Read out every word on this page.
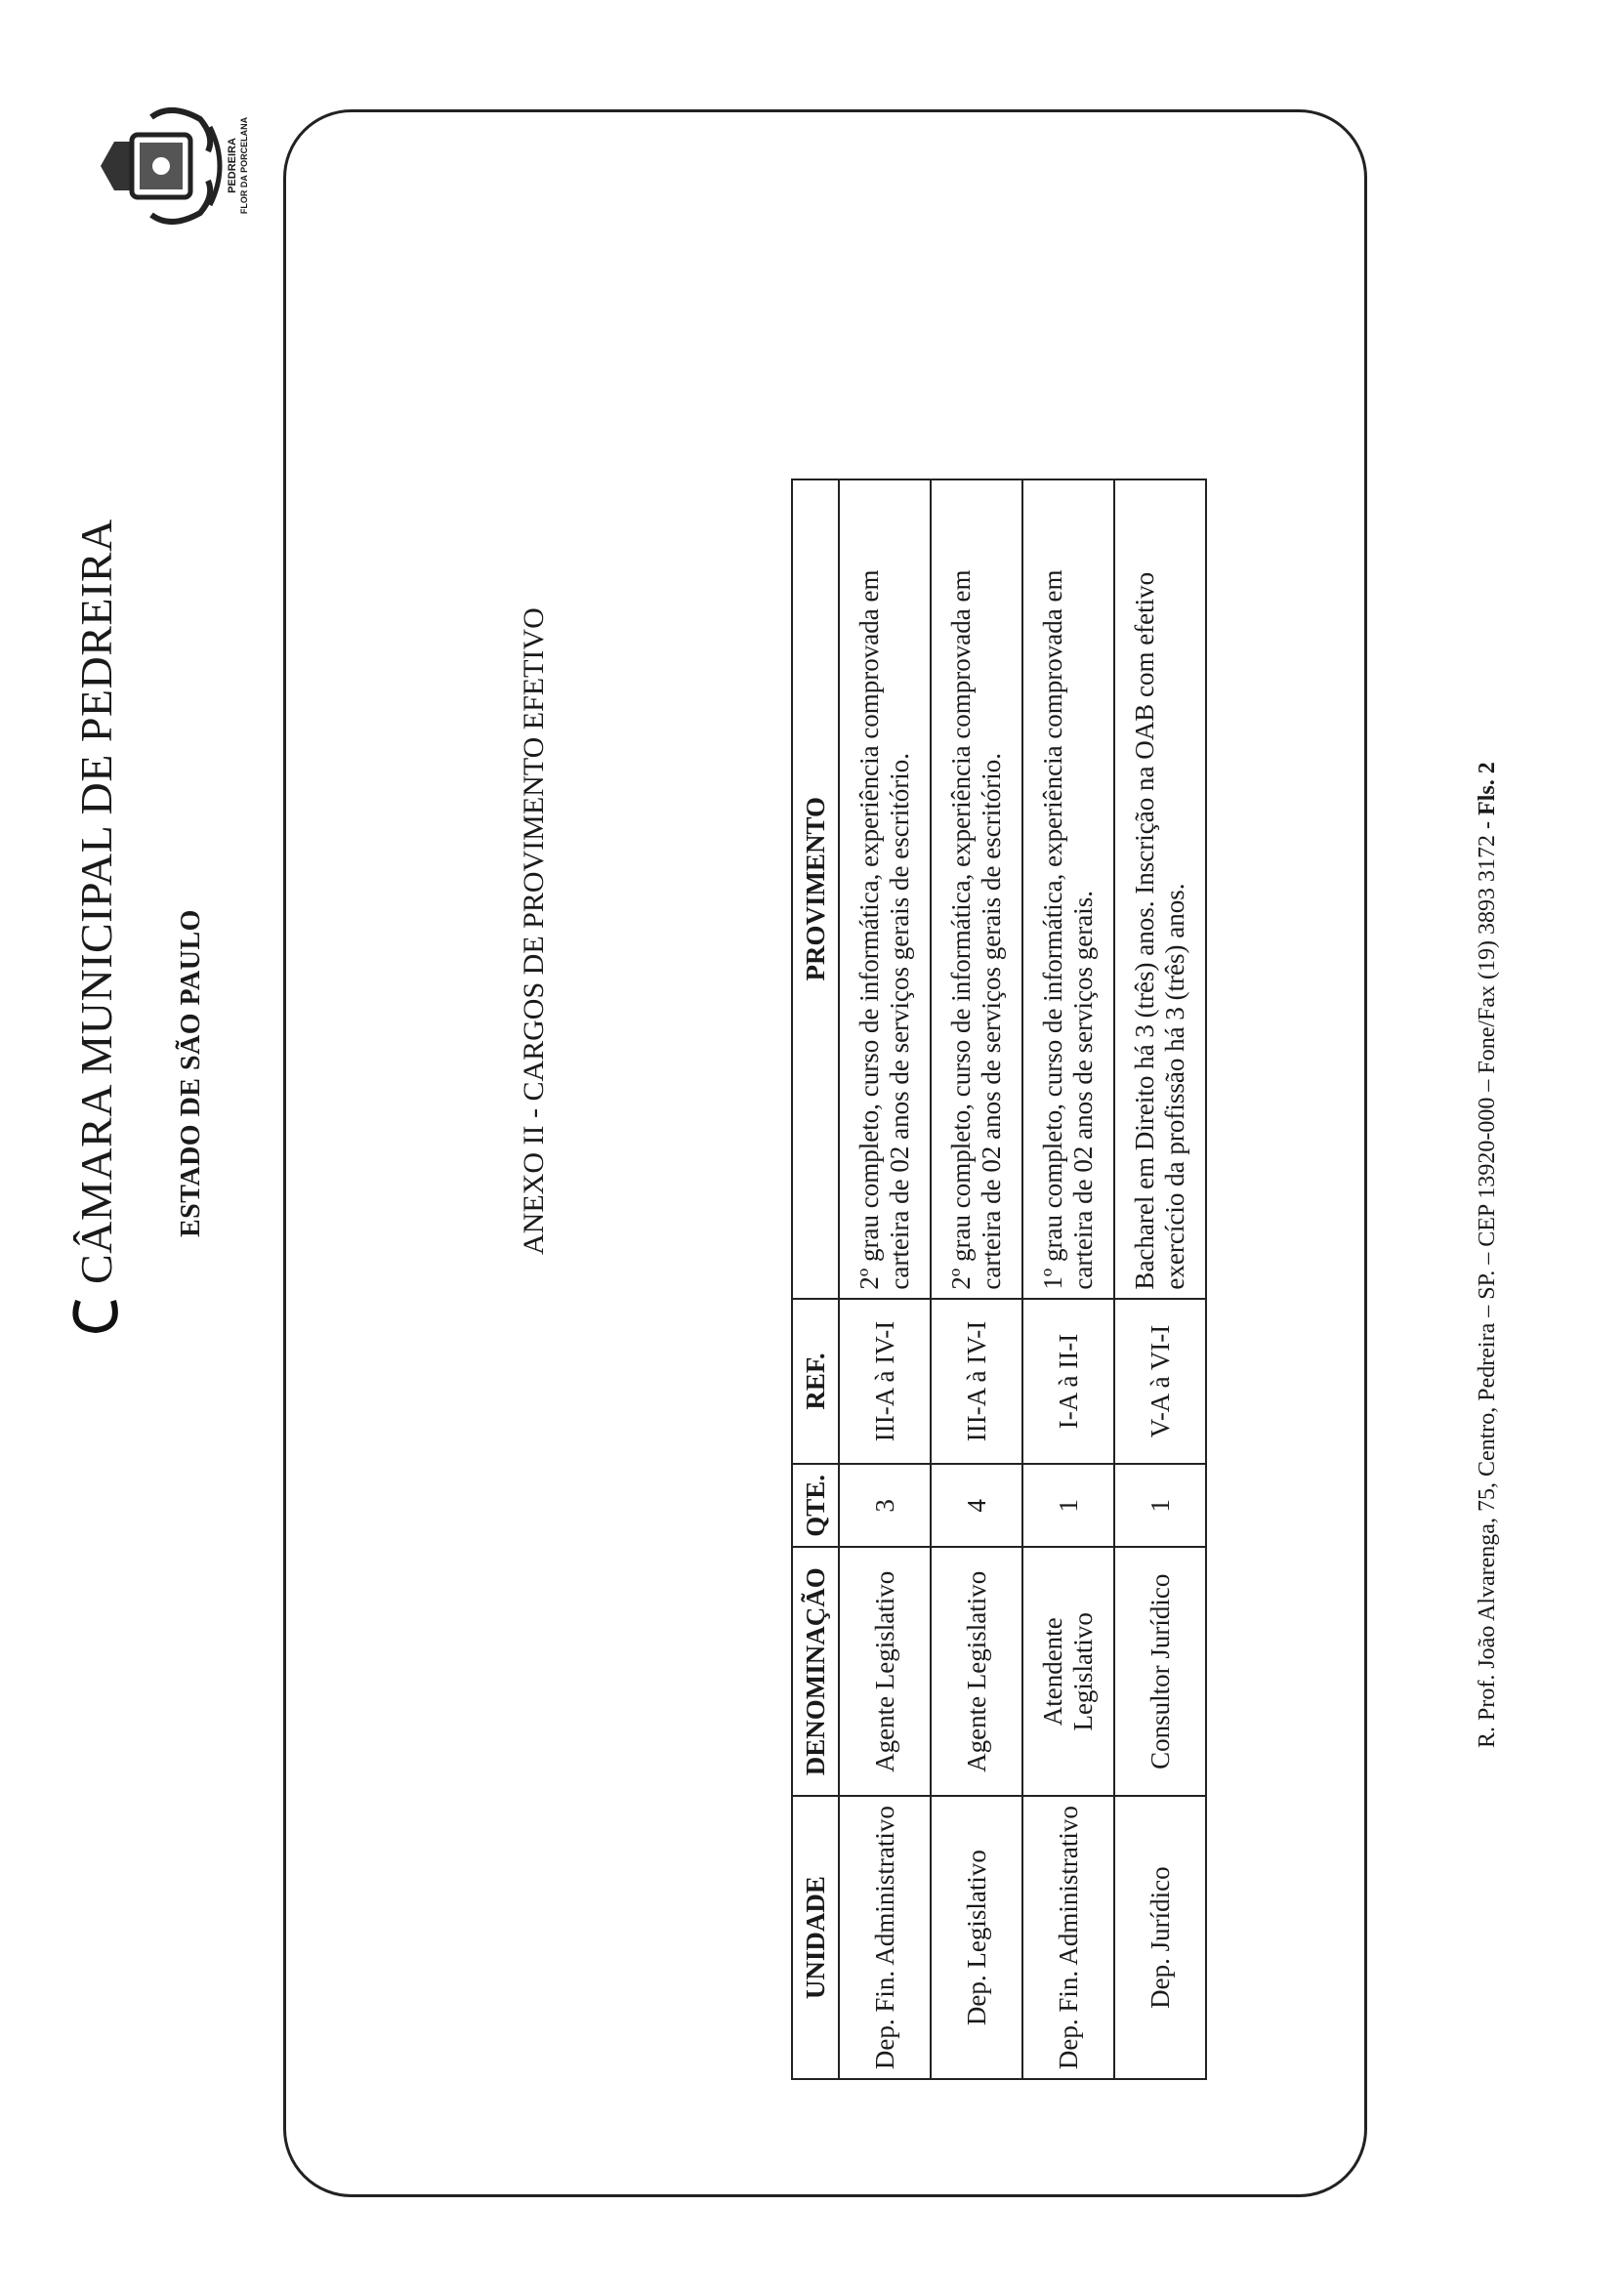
PEDREIRA FLOR DA PORCELANA
CÂMARA MUNICIPAL DE PEDREIRA ESTADO DE SÃO PAULO	ANEXO II - CARGOS DE PROVIMENTO EFETIVO
UNIDADE	DENOMINAÇÃO	QTE.	REF.	PROVIMENTO
Dep. Fin. Administrativo	Agente Legislativo	3	III-A à IV-I	2º grau completo, curso de informática, experiência comprovada em carteira de 02 anos de serviços gerais de escritório.
Dep. Legislativo	Agente Legislativo	4	III-A à IV-I	2º grau completo, curso de informática, experiência comprovada em carteira de 02 anos de serviços gerais de escritório.
Dep. Fin. Administrativo	Atendente Legislativo	1	I-A à II-I	1º grau completo, curso de informática, experiência comprovada em carteira de 02 anos de serviços gerais.
Dep. Jurídico	Consultor Jurídico	1	V-A à VI-I	Bacharel em Direito há 3 (três) anos. Inscrição na OAB com efetivo exercício da profissão há 3 (três) anos.	R. Prof. João Alvarenga, 75, Centro, Pedreira – SP. – CEP 13920-000 – Fone/Fax (19) 3893 3172 - Fls. 2
